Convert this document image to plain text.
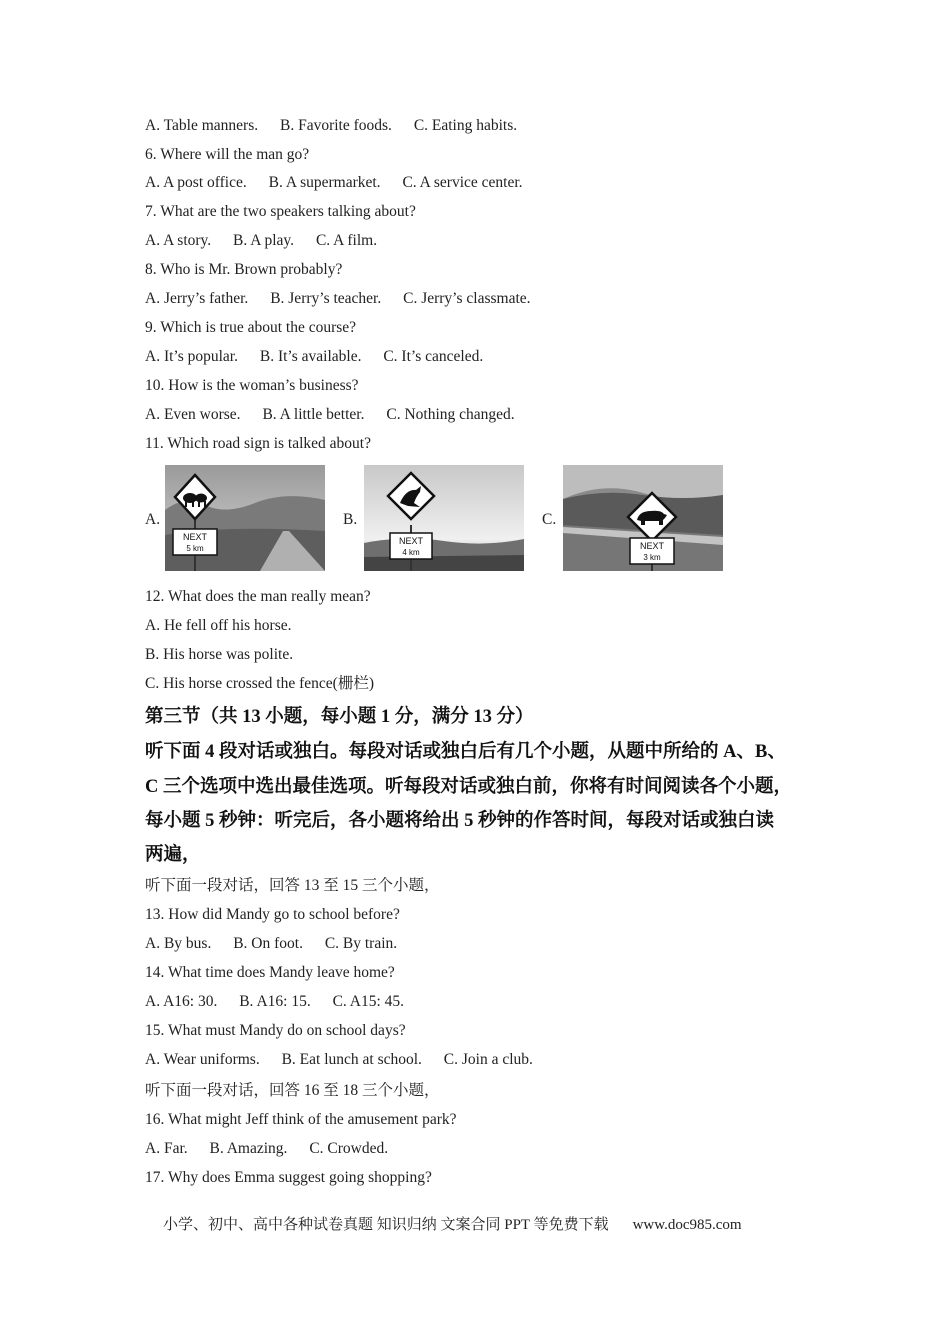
A. Table manners. B. Favorite foods. C. Eating habits.
6. Where will the man go?
A. A post office. B. A supermarket. C. A service center.
7. What are the two speakers talking about?
A. A story. B. A play. C. A film.
8. Who is Mr. Brown probably?
A. Jerry’s father. B. Jerry’s teacher. C. Jerry’s classmate.
9. Which is true about the course?
A. It’s popular. B. It’s available. C. It’s canceled.
10. How is the woman’s business?
A. Even worse. B. A little better. C. Nothing changed.
11. Which road sign is talked about?
A.
NEXT
5 km
B.
NEXT
4 km
C.
NEXT
3 km
12. What does the man really mean?
A. He fell off his horse.
B. His horse was polite.
C. His horse crossed the fence(栅栏)
第三节（共 13 小题，每小题 1 分，满分 13 分）
听下面 4 段对话或独白。每段对话或独白后有几个小题，从题中所给的 A、B、
C 三个选项中选出最佳选项。听每段对话或独白前，你将有时间阅读各个小题，
每小题 5 秒钟：听完后，各小题将给出 5 秒钟的作答时间，每段对话或独白读
两遍，
听下面一段对话，回答 13 至 15 三个小题，
13. How did Mandy go to school before?
A. By bus. B. On foot. C. By train.
14. What time does Mandy leave home?
A. A16: 30. B. A16: 15. C. A15: 45.
15. What must Mandy do on school days?
A. Wear uniforms. B. Eat lunch at school. C. Join a club.
听下面一段对话，回答 16 至 18 三个小题，
16. What might Jeff think of the amusement park?
A. Far. B. Amazing. C. Crowded.
17. Why does Emma suggest going shopping?
小学、初中、高中各种试卷真题 知识归纳 文案合同 PPT 等免费下载 www.doc985.com
